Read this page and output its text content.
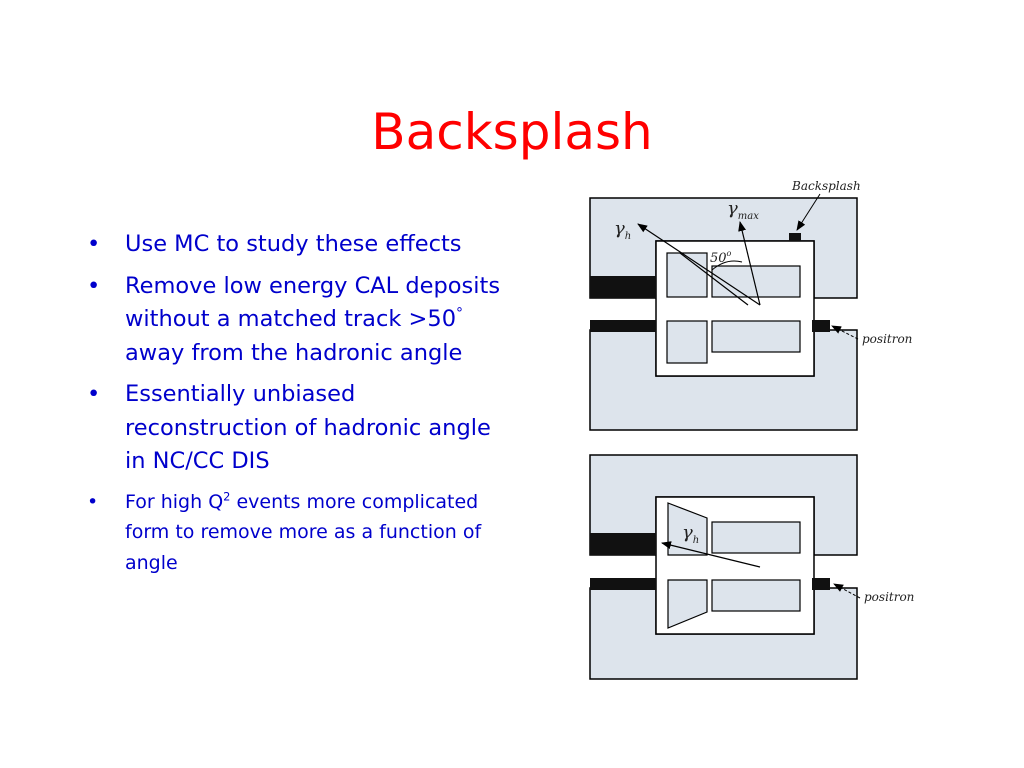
Backsplash
• Use MC to study these effects
• Remove low energy CAL deposits without a matched track >50° away from the hadronic angle
• Essentially unbiased reconstruction of hadronic angle in NC/CC DIS
• For high $Q^2$ events more complicated form to remove more as a function of angle
$\gamma_h$
$\gamma_{max}$
50$^o$
Backsplash
positron
$\gamma_h$
positron
